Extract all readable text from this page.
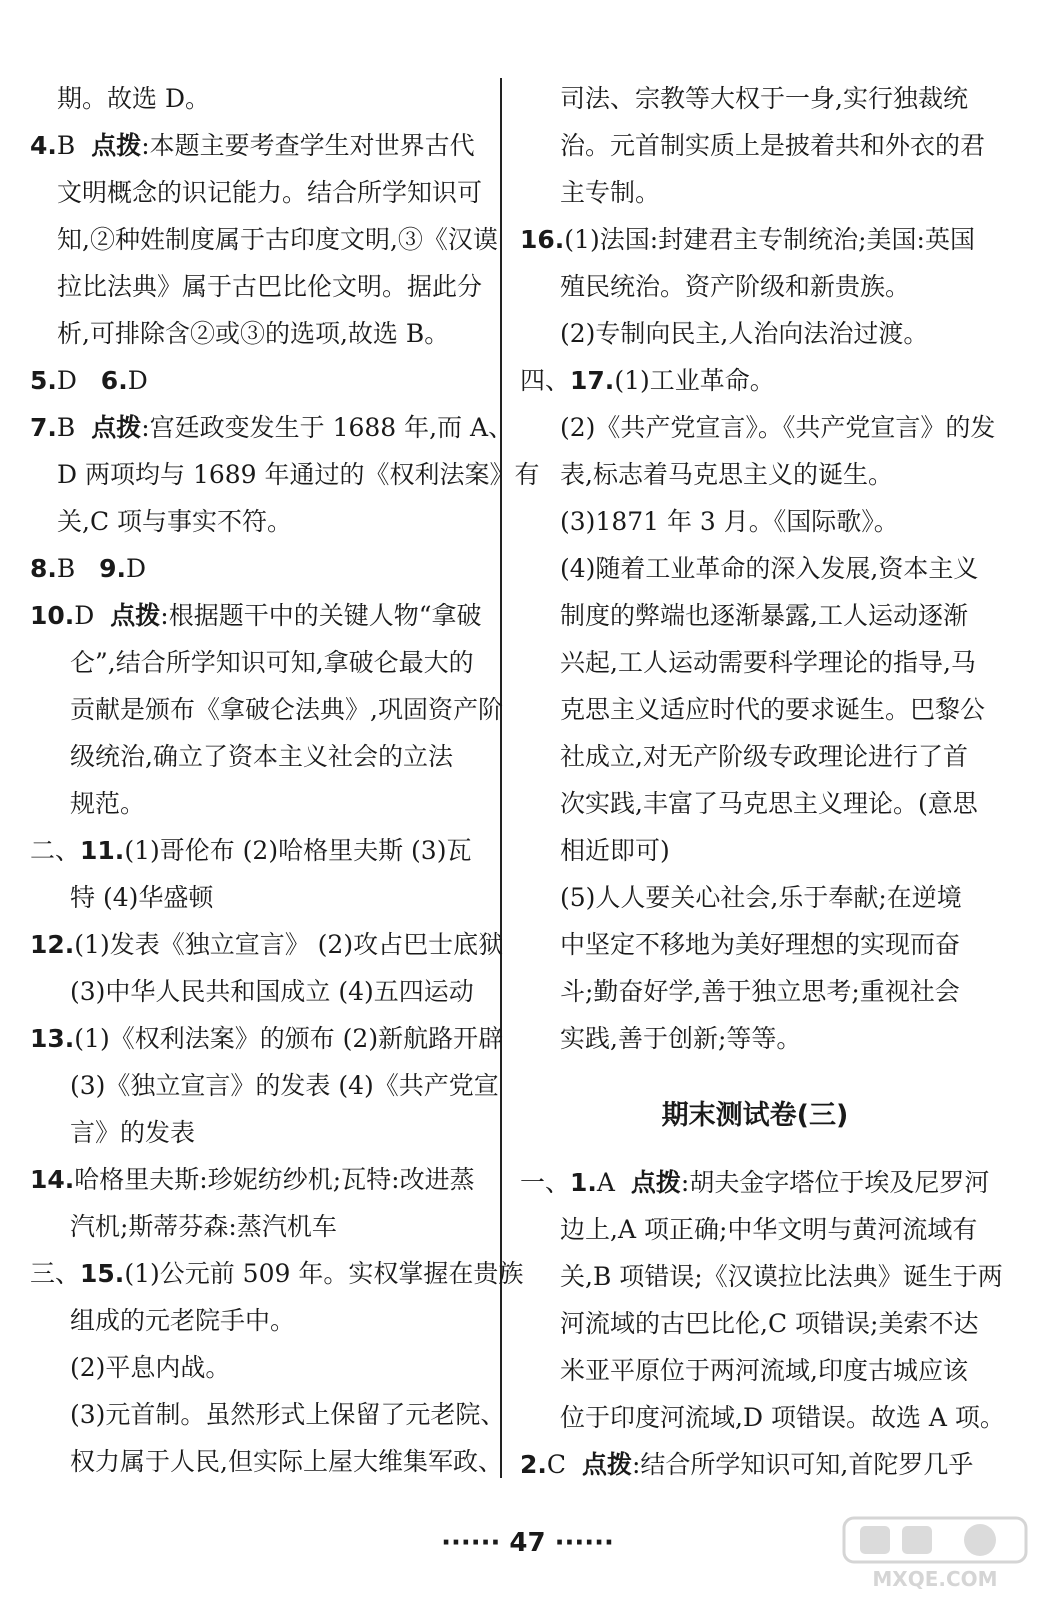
期。故选 D。

4.B 点拨:本题主要考查学生对世界古代
文明概念的识记能力。结合所学知识可
知,②种姓制度属于古印度文明,③《汉谟
拉比法典》属于古巴比伦文明。据此分
析,可排除含②或③的选项,故选 B。

5.D 6.D

7.B 点拨:宫廷政变发生于 1688 年,而 A、
D 两项均与 1689 年通过的《权利法案》有
关,C 项与事实不符。

8.B 9.D

10.D 点拨:根据题干中的关键人物“拿破
仑”,结合所学知识可知,拿破仑最大的
贡献是颁布《拿破仑法典》,巩固资产阶
级统治,确立了资本主义社会的立法
规范。

二、11.(1)哥伦布 (2)哈格里夫斯 (3)瓦
特 (4)华盛顿

12.(1)发表《独立宣言》 (2)攻占巴士底狱
(3)中华人民共和国成立 (4)五四运动

13.(1)《权利法案》的颁布 (2)新航路开辟
(3)《独立宣言》的发表 (4)《共产党宣
言》的发表

14.哈格里夫斯:珍妮纺纱机;瓦特:改进蒸
汽机;斯蒂芬森:蒸汽机车

三、15.(1)公元前 509 年。实权掌握在贵族
组成的元老院手中。
(2)平息内战。
(3)元首制。虽然形式上保留了元老院、
权力属于人民,但实际上屋大维集军政、

司法、宗教等大权于一身,实行独裁统
治。元首制实质上是披着共和外衣的君
主专制。

16.(1)法国:封建君主专制统治;美国:英国
殖民统治。资产阶级和新贵族。
(2)专制向民主,人治向法治过渡。

四、17.(1)工业革命。
(2)《共产党宣言》。《共产党宣言》的发
表,标志着马克思主义的诞生。
(3)1871 年 3 月。《国际歌》。
(4)随着工业革命的深入发展,资本主义
制度的弊端也逐渐暴露,工人运动逐渐
兴起,工人运动需要科学理论的指导,马
克思主义适应时代的要求诞生。巴黎公
社成立,对无产阶级专政理论进行了首
次实践,丰富了马克思主义理论。(意思
相近即可)
(5)人人要关心社会,乐于奉献;在逆境
中坚定不移地为美好理想的实现而奋
斗;勤奋好学,善于独立思考;重视社会
实践,善于创新;等等。

期末测试卷(三)

一、1.A 点拨:胡夫金字塔位于埃及尼罗河
边上,A 项正确;中华文明与黄河流域有
关,B 项错误;《汉谟拉比法典》诞生于两
河流域的古巴比伦,C 项错误;美索不达
米亚平原位于两河流域,印度古城应该
位于印度河流域,D 项错误。故选 A 项。

2.C 点拨:结合所学知识可知,首陀罗几乎

······ 47 ······
MXQE.COM
